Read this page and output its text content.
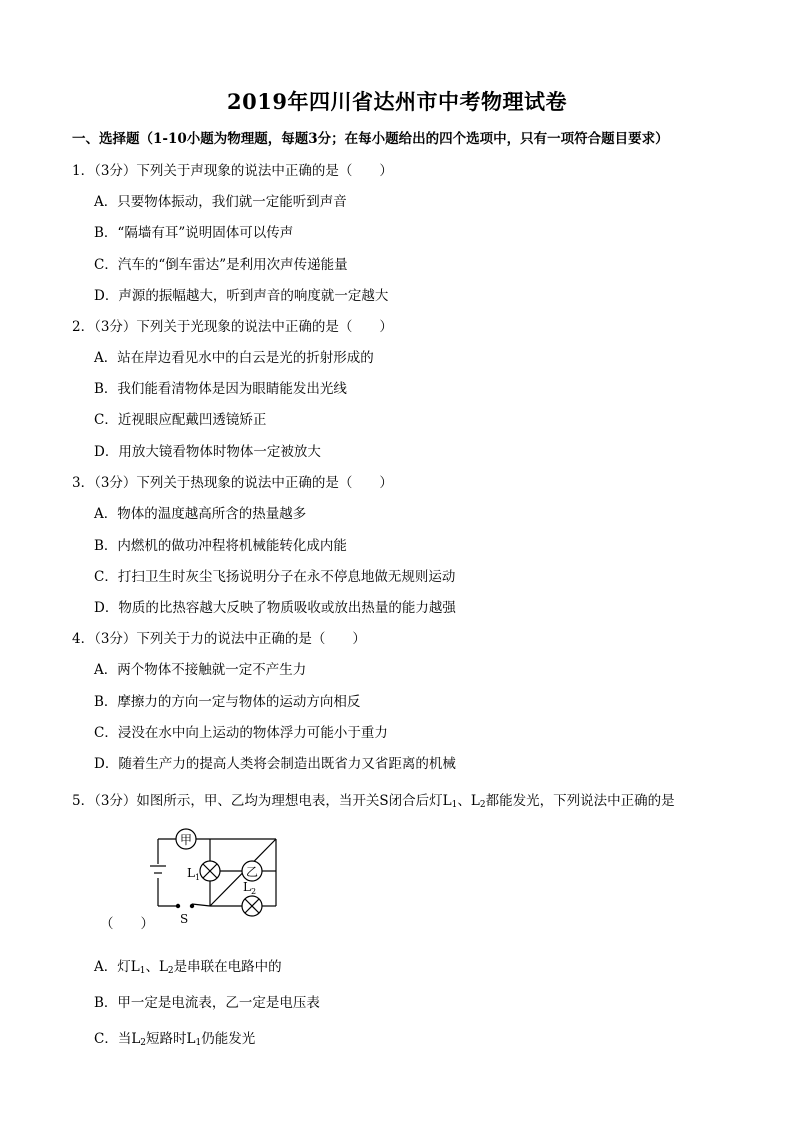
2019年四川省达州市中考物理试卷
一、选择题（1-10小题为物理题，每题3分；在每小题给出的四个选项中，只有一项符合题目要求）
1．（3分）下列关于声现象的说法中正确的是（　　）
A．只要物体振动，我们就一定能听到声音
B．“隔墙有耳”说明固体可以传声
C．汽车的“倒车雷达”是利用次声传递能量
D．声源的振幅越大，听到声音的响度就一定越大
2．（3分）下列关于光现象的说法中正确的是（　　）
A．站在岸边看见水中的白云是光的折射形成的
B．我们能看清物体是因为眼睛能发出光线
C．近视眼应配戴凹透镜矫正
D．用放大镜看物体时物体一定被放大
3．（3分）下列关于热现象的说法中正确的是（　　）
A．物体的温度越高所含的热量越多
B．内燃机的做功冲程将机械能转化成内能
C．打扫卫生时灰尘飞扬说明分子在永不停息地做无规则运动
D．物质的比热容越大反映了物质吸收或放出热量的能力越强
4．（3分）下列关于力的说法中正确的是（　　）
A．两个物体不接触就一定不产生力
B．摩擦力的方向一定与物体的运动方向相反
C．浸没在水中向上运动的物体浮力可能小于重力
D．随着生产力的提高人类将会制造出既省力又省距离的机械
5．（3分）如图所示，甲、乙均为理想电表，当开关S闭合后灯$L_1$、$L_2$都能发光，下列说法中正确的是
甲
乙
$L_1$
$L_2$
S
（　　）
A．灯$L_1$、$L_2$是串联在电路中的
B．甲一定是电流表，乙一定是电压表
C．当$L_2$短路时$L_1$仍能发光
